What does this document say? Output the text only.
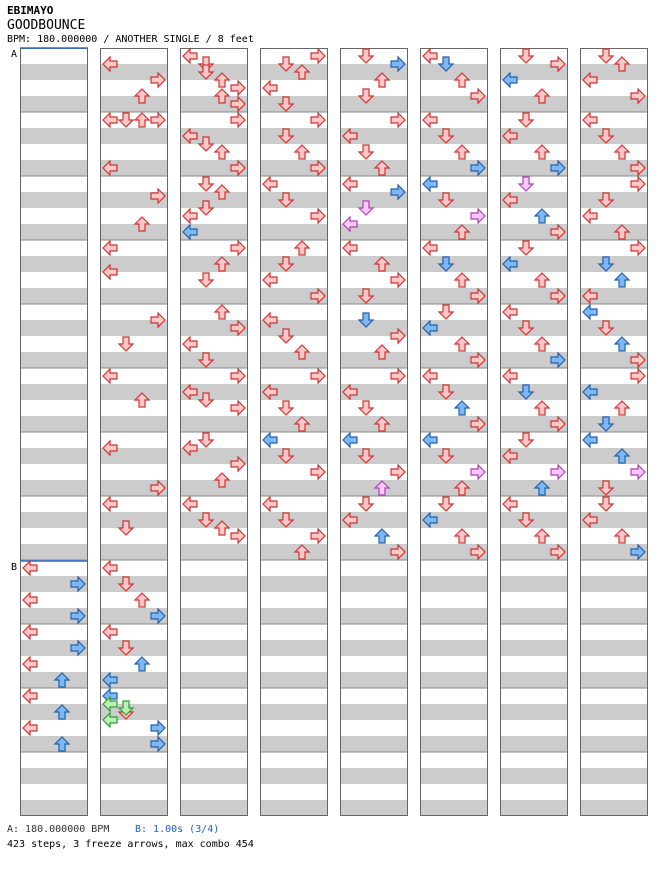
EBIMAYO
GOODBOUNCE
BPM: 180.000000 / ANOTHER SINGLE / 8 feet
A
B
A: 180.000000 BPM	B: 1.00s (3/4)
423 steps, 3 freeze arrows, max combo 454
